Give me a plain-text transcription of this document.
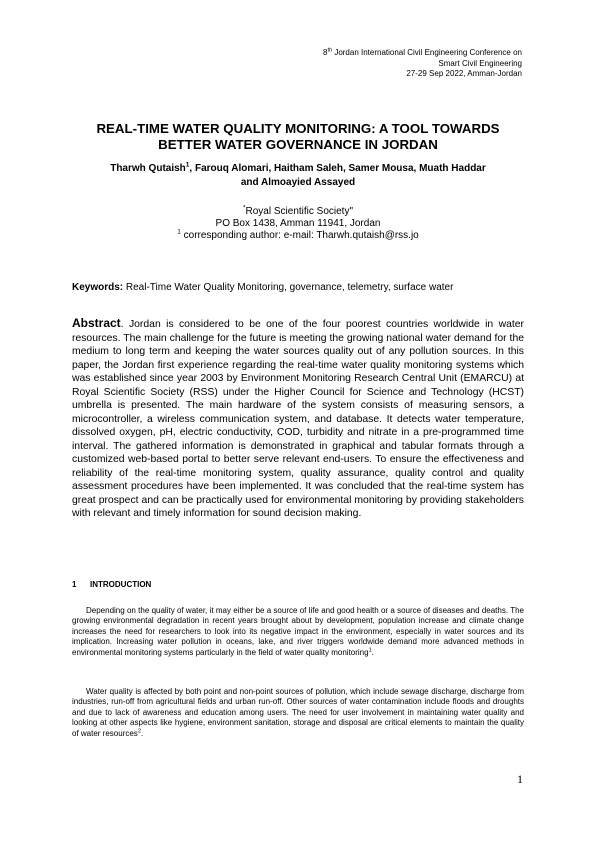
8th Jordan International Civil Engineering Conference on
Smart Civil Engineering
27-29 Sep 2022, Amman-Jordan
REAL-TIME WATER QUALITY MONITORING: A TOOL TOWARDS
BETTER WATER GOVERNANCE IN JORDAN
Tharwh Qutaish$^1$, Farouq Alomari, Haitham Saleh, Samer Mousa, Muath Haddar
and Almoayied Assayed
*Royal Scientific Society"
PO Box 1438, Amman 11941, Jordan
$^1$ corresponding author: e-mail: Tharwh.qutaish@rss.jo
Keywords: Real-Time Water Quality Monitoring, governance, telemetry, surface water
Abstract. Jordan is considered to be one of the four poorest countries worldwide in water resources. The main challenge for the future is meeting the growing national water demand for the medium to long term and keeping the water sources quality out of any pollution sources. In this paper, the Jordan first experience regarding the real-time water quality monitoring systems which was established since year 2003 by Environment Monitoring Research Central Unit (EMARCU) at Royal Scientific Society (RSS) under the Higher Council for Science and Technology (HCST) umbrella is presented. The main hardware of the system consists of measuring sensors, a microcontroller, a wireless communication system, and database. It detects water temperature, dissolved oxygen, pH, electric conductivity, COD, turbidity and nitrate in a pre-programmed time interval. The gathered information is demonstrated in graphical and tabular formats through a customized web-based portal to better serve relevant end-users. To ensure the effectiveness and reliability of the real-time monitoring system, quality assurance, quality control and quality assessment procedures have been implemented. It was concluded that the real-time system has great prospect and can be practically used for environmental monitoring by providing stakeholders with relevant and timely information for sound decision making.
1 INTRODUCTION
Depending on the quality of water, it may either be a source of life and good health or a source of diseases and deaths. The growing environmental degradation in recent years brought about by development, population increase and climate change increases the need for researchers to look into its negative impact in the environment, especially in water sources and its implication. Increasing water pollution in oceans, lake, and river triggers worldwide demand more advanced methods in environmental monitoring systems particularly in the field of water quality monitoring$^1$.
Water quality is affected by both point and non-point sources of pollution, which include sewage discharge, discharge from industries, run-off from agricultural fields and urban run-off. Other sources of water contamination include floods and droughts and due to lack of awareness and education among users. The need for user involvement in maintaining water quality and looking at other aspects like hygiene, environment sanitation, storage and disposal are critical elements to maintain the quality of water resources$^2$.
1
